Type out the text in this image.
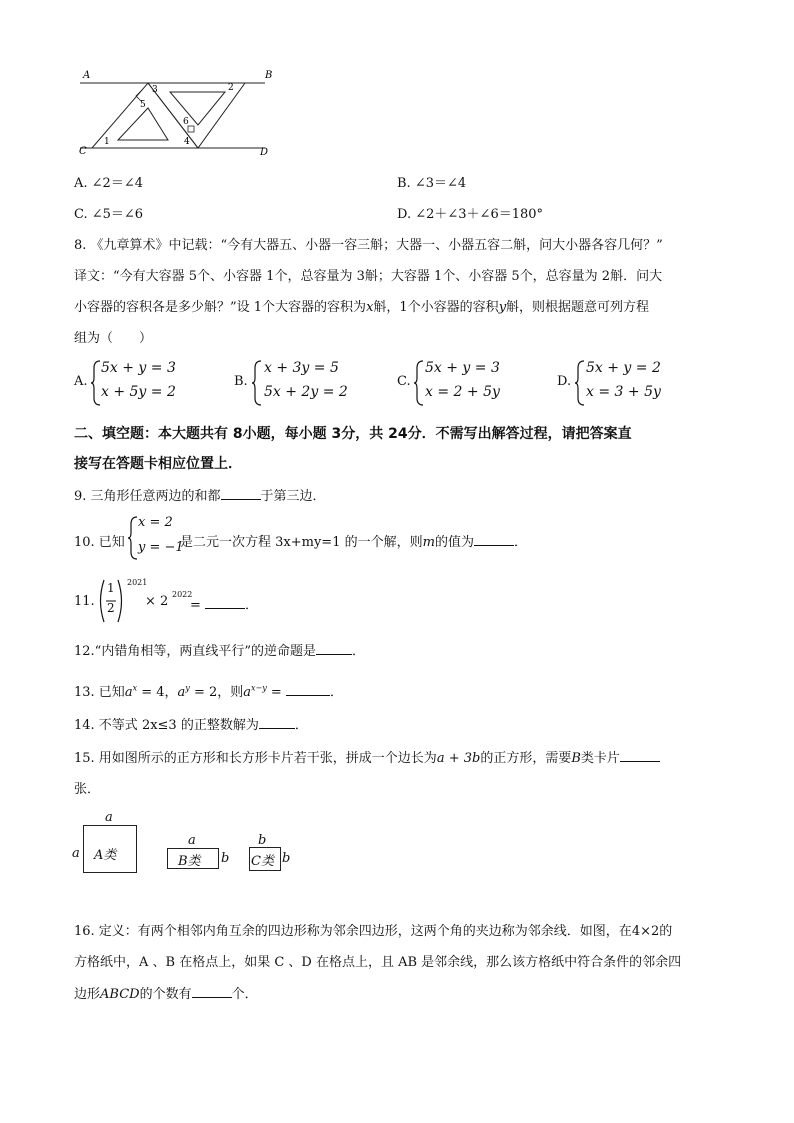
A	B
C	D
1
2
3
4
5
6
A. ∠2＝∠4	B. ∠3＝∠4
C. ∠5＝∠6	D. ∠2＋∠3＋∠6＝180°
8. 《九章算术》中记载：“今有大器五、小器一容三斛；大器一、小器五容二斛，问大小器各容几何？”
译文：“今有大容器 5个、小容器 1个，总容量为 3斛；大容器 1个、小容器 5个，总容量为 2斛．问大
小容器的容积各是多少斛？”设 1个大容器的容积为x斛，1个小容器的容积y斛，则根据题意可列方程
组为（　　）
A.
5x + y = 3
x + 5y = 2
B.
x + 3y = 5
5x + 2y = 2
C.
5x + y = 3
x = 2 + 5y
D.
5x + y = 2
x = 3 + 5y
二、填空题：本大题共有 8小题，每小题 3分，共 24分．不需写出解答过程，请把答案直
接写在答题卡相应位置上．
9. 三角形任意两边的和都	于第三边．
10. 已知
x = 2
y = −1
是二元一次方程 3x+my=1 的一个解，则m的值为	．
11.
1
2
2021
× 2 2022
=	．
12.“内错角相等，两直线平行”的逆命题是	．
13. 已知$a^x = 4$，$a^y = 2$，则$a^{x-y}$ =	．
14. 不等式 2x≤3 的正整数解为	．
15. 用如图所示的正方形和长方形卡片若干张，拼成一个边长为a + 3b的正方形，需要B类卡片
张．
a
a A类
a
B类 b
b
C类 b
16. 定义：有两个相邻内角互余的四边形称为邻余四边形，这两个角的夹边称为邻余线．如图，在4×2的
方格纸中，A 、B 在格点上，如果 C 、D 在格点上，且 AB 是邻余线，那么该方格纸中符合条件的邻余四
边形ABCD的个数有	个．
